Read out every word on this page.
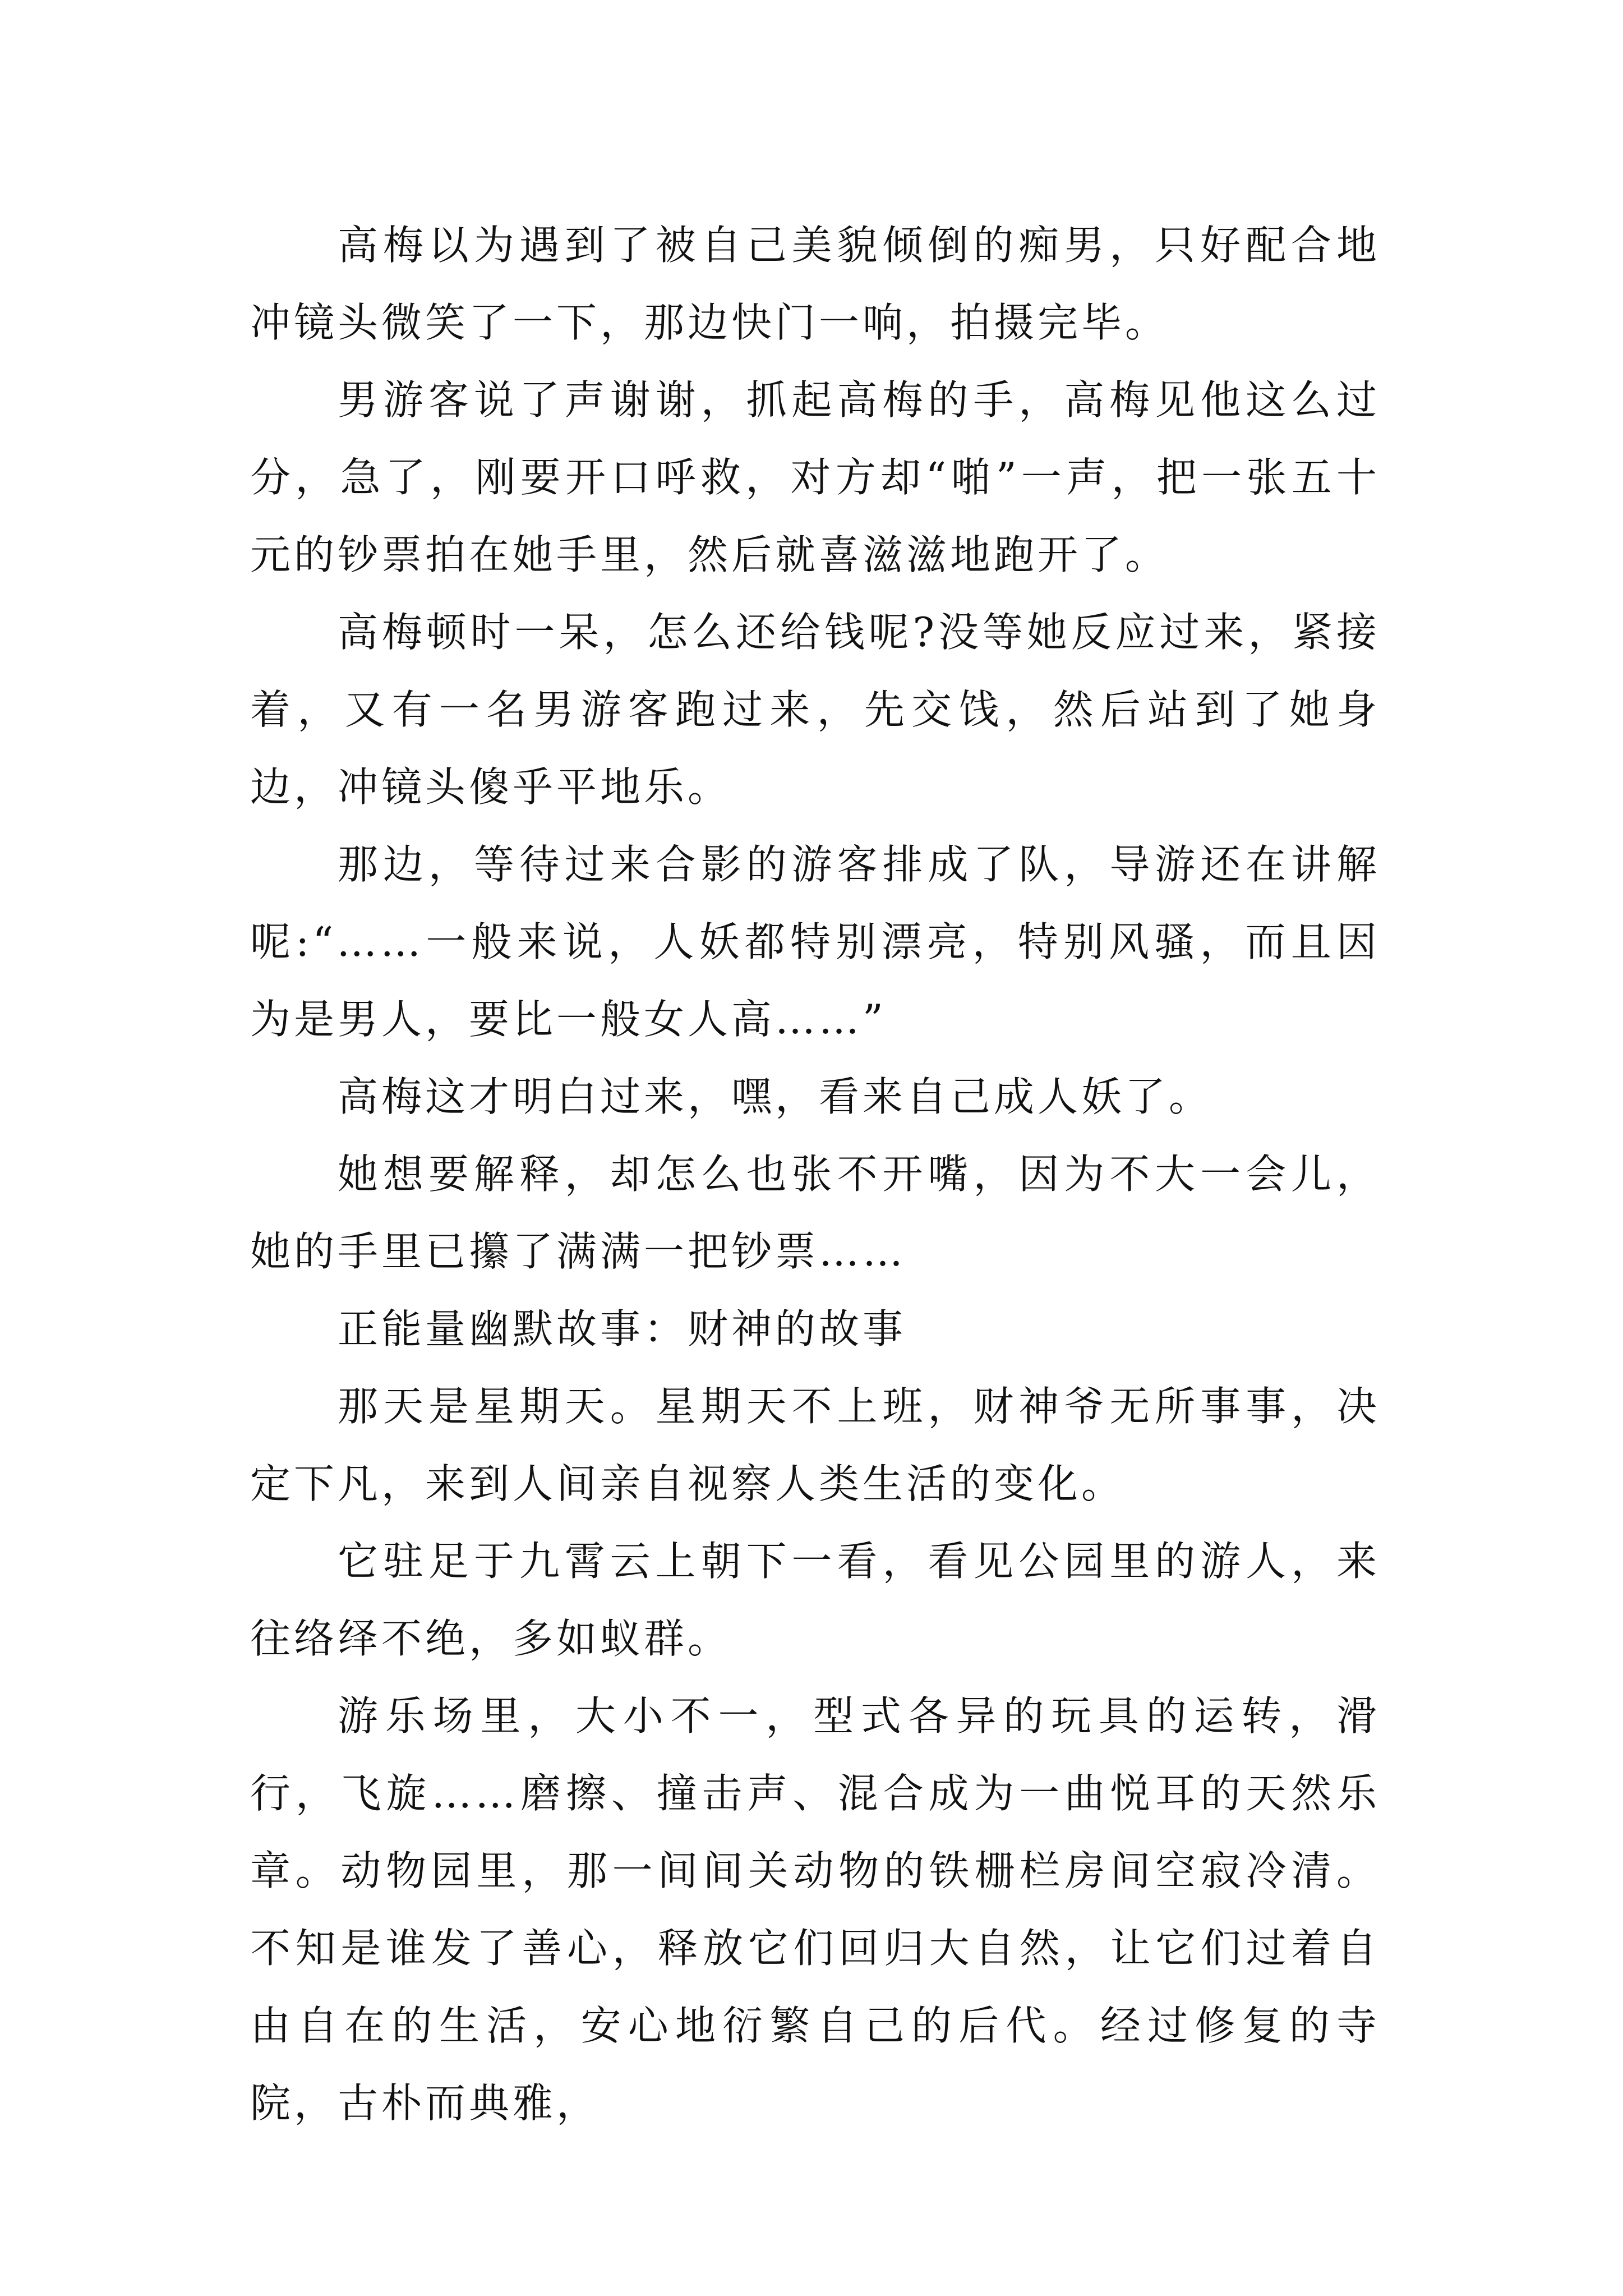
高梅以为遇到了被自己美貌倾倒的痴男，只好配合地冲镜头微笑了一下，那边快门一响，拍摄完毕。

男游客说了声谢谢，抓起高梅的手，高梅见他这么过分，急了，刚要开口呼救，对方却“啪”一声，把一张五十元的钞票拍在她手里，然后就喜滋滋地跑开了。

高梅顿时一呆，怎么还给钱呢?没等她反应过来，紧接着，又有一名男游客跑过来，先交饯，然后站到了她身边，冲镜头傻乎平地乐。

那边，等待过来合影的游客排成了队，导游还在讲解呢:“……一般来说，人妖都特别漂亮，特别风骚，而且因为是男人，要比一般女人高……”

高梅这才明白过来，嘿，看来自己成人妖了。

她想要解释，却怎么也张不开嘴，因为不大一会儿，她的手里已攥了满满一把钞票……

正能量幽默故事：财神的故事

那天是星期天。星期天不上班，财神爷无所事事，决定下凡，来到人间亲自视察人类生活的变化。

它驻足于九霄云上朝下一看，看见公园里的游人，来往络绎不绝，多如蚁群。

游乐场里，大小不一，型式各异的玩具的运转，滑行，飞旋……磨擦、撞击声、混合成为一曲悦耳的天然乐章。动物园里，那一间间关动物的铁栅栏房间空寂冷清。不知是谁发了善心，释放它们回归大自然，让它们过着自由自在的生活，安心地衍繁自己的后代。经过修复的寺院，古朴而典雅，
